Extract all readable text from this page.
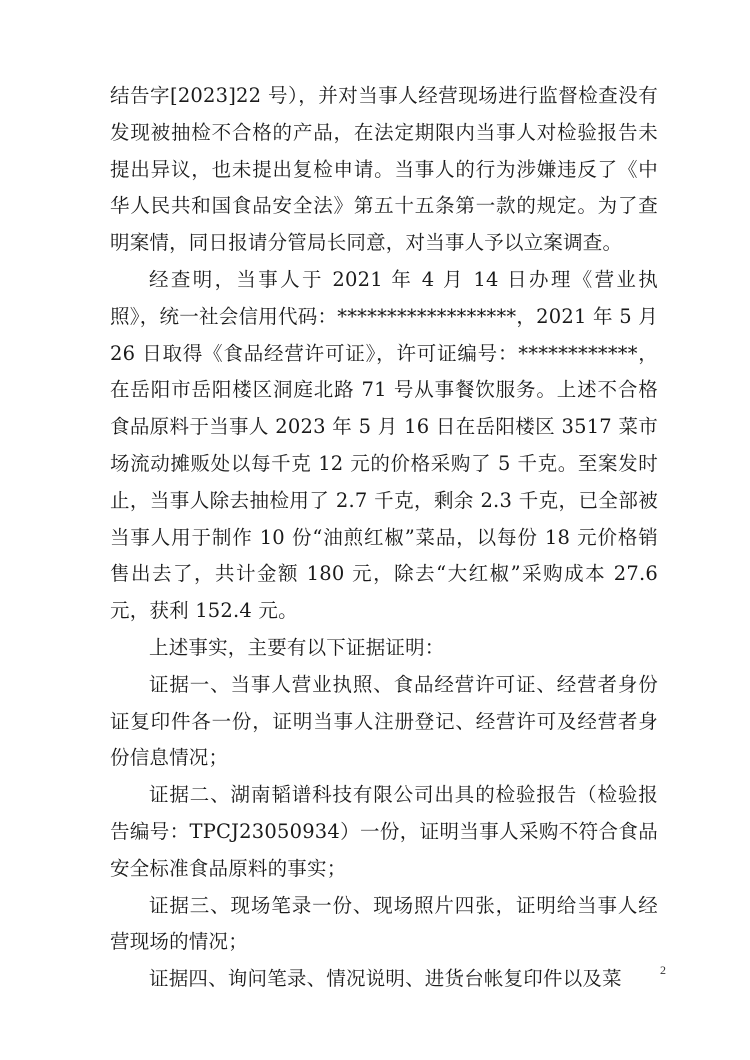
结告字[2023]22 号），并对当事人经营现场进行监督检查没有发现被抽检不合格的产品，在法定期限内当事人对检验报告未提出异议，也未提出复检申请。当事人的行为涉嫌违反了《中华人民共和国食品安全法》第五十五条第一款的规定。为了查明案情，同日报请分管局长同意，对当事人予以立案调查。

经查明，当事人于 2021 年 4 月 14 日办理《营业执照》，统一社会信用代码：******************，2021 年 5 月 26 日取得《食品经营许可证》，许可证编号：************，在岳阳市岳阳楼区洞庭北路 71 号从事餐饮服务。上述不合格食品原料于当事人 2023 年 5 月 16 日在岳阳楼区 3517 菜市场流动摊贩处以每千克 12 元的价格采购了 5 千克。至案发时止，当事人除去抽检用了 2.7 千克，剩余 2.3 千克，已全部被当事人用于制作 10 份“油煎红椒”菜品，以每份 18 元价格销售出去了，共计金额 180 元，除去“大红椒”采购成本 27.6 元，获利 152.4 元。

上述事实，主要有以下证据证明：

证据一、当事人营业执照、食品经营许可证、经营者身份证复印件各一份，证明当事人注册登记、经营许可及经营者身份信息情况；

证据二、湖南韬谱科技有限公司出具的检验报告（检验报告编号：TPCJ23050934）一份，证明当事人采购不符合食品安全标准食品原料的事实；

证据三、现场笔录一份、现场照片四张，证明给当事人经营现场的情况；

证据四、询问笔录、情况说明、进货台帐复印件以及菜	2
